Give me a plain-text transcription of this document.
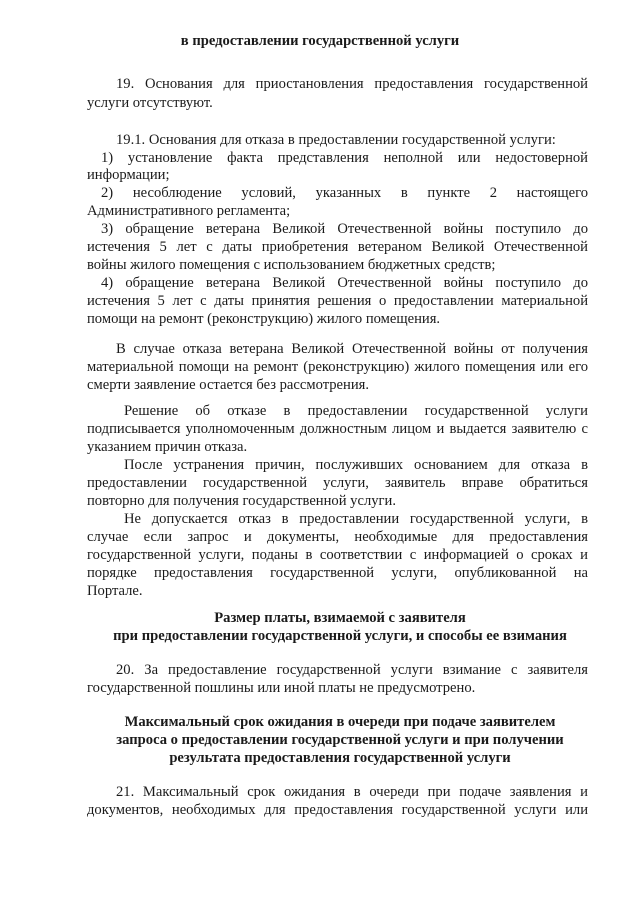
в предоставлении государственной услуги
19. Основания для приостановления предоставления государственной
услуги отсутствуют.
19.1. Основания для отказа в предоставлении государственной услуги:
1) установление факта представления неполной или недостоверной
информации;
2) несоблюдение условий, указанных в пункте 2 настоящего
Административного регламента;
3) обращение ветерана Великой Отечественной войны поступило до
истечения 5 лет с даты приобретения ветераном Великой Отечественной
войны жилого помещения с использованием бюджетных средств;
4) обращение ветерана Великой Отечественной войны поступило до
истечения 5 лет с даты принятия решения о предоставлении материальной
помощи на ремонт (реконструкцию) жилого помещения.
В случае отказа ветерана Великой Отечественной войны от получения
материальной помощи на ремонт (реконструкцию) жилого помещения или его
смерти заявление остается без рассмотрения.
Решение об отказе в предоставлении государственной услуги
подписывается уполномоченным должностным лицом и выдается заявителю с
указанием причин отказа.
После устранения причин, послуживших основанием для отказа в
предоставлении государственной услуги, заявитель вправе обратиться
повторно для получения государственной услуги.
Не допускается отказ в предоставлении государственной услуги, в
случае если запрос и документы, необходимые для предоставления
государственной услуги, поданы в соответствии с информацией о сроках и
порядке предоставления государственной услуги, опубликованной на
Портале.
Размер платы, взимаемой с заявителя
при предоставлении государственной услуги, и способы ее взимания
20. За предоставление государственной услуги взимание с заявителя
государственной пошлины или иной платы не предусмотрено.
Максимальный срок ожидания в очереди при подаче заявителем
запроса о предоставлении государственной услуги и при получении
результата предоставления государственной услуги
21. Максимальный срок ожидания в очереди при подаче заявления и
документов, необходимых для предоставления государственной услуги или
